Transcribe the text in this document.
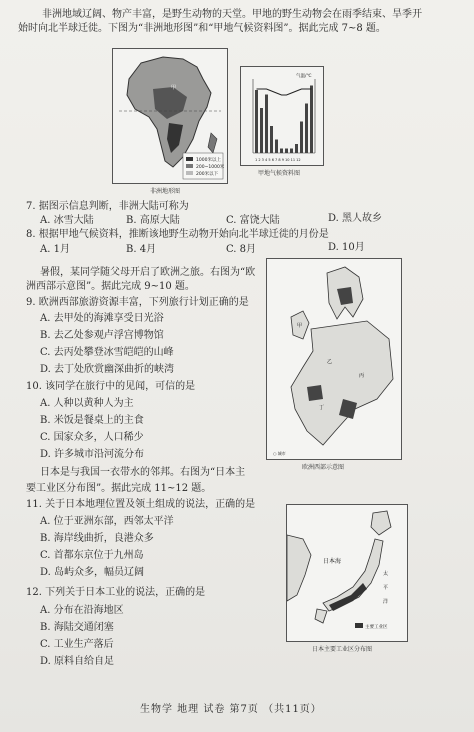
非洲地域辽阔、物产丰富，是野生动物的天堂。甲地的野生动物会在雨季结束、旱季开
始时向北半球迁徙。下图为“非洲地形图”和“甲地气候资料图”。据此完成 7~8 题。
1000米以上
200~1000米
200米以下
甲
非洲地形图
气温/℃
1 2 3 4 5 6 7 8 9 10 11 12
甲地气候资料图
7. 据图示信息判断，非洲大陆可称为
A. 冰雪大陆	B. 高原大陆	C. 富饶大陆	D. 黑人故乡
8. 根据甲地气候资料，推断该地野生动物开始向北半球迁徙的月份是
A. 1月	B. 4月	C. 8月	D. 10月
暑假，某同学随父母开启了欧洲之旅。右图为“欧
洲西部示意图”。据此完成 9~10 题。
甲
乙
丙
丁
○ 城市
欧洲西部示意图
9. 欧洲西部旅游资源丰富，下列旅行计划正确的是
A. 去甲处的海滩享受日光浴
B. 去乙处参观卢浮宫博物馆
C. 去丙处攀登冰雪皑皑的山峰
D. 去丁处欣赏幽深曲折的峡湾
10. 该同学在旅行中的见闻，可信的是
A. 人种以黄种人为主
B. 米饭是餐桌上的主食
C. 国家众多，人口稀少
D. 许多城市沿河流分布
日本是与我国一衣带水的邻邦。右图为“日本主
要工业区分布图”。据此完成 11~12 题。
日本海
太
平
洋
主要工业区
日本主要工业区分布图
11. 关于日本地理位置及领土组成的说法，正确的是
A. 位于亚洲东部，西邻太平洋
B. 海岸线曲折，良港众多
C. 首都东京位于九州岛
D. 岛屿众多，幅员辽阔
12. 下列关于日本工业的说法，正确的是
A. 分布在沿海地区
B. 海陆交通闭塞
C. 工业生产落后
D. 原料自给自足
生物学 地理 试卷 第7页 （共11页）
